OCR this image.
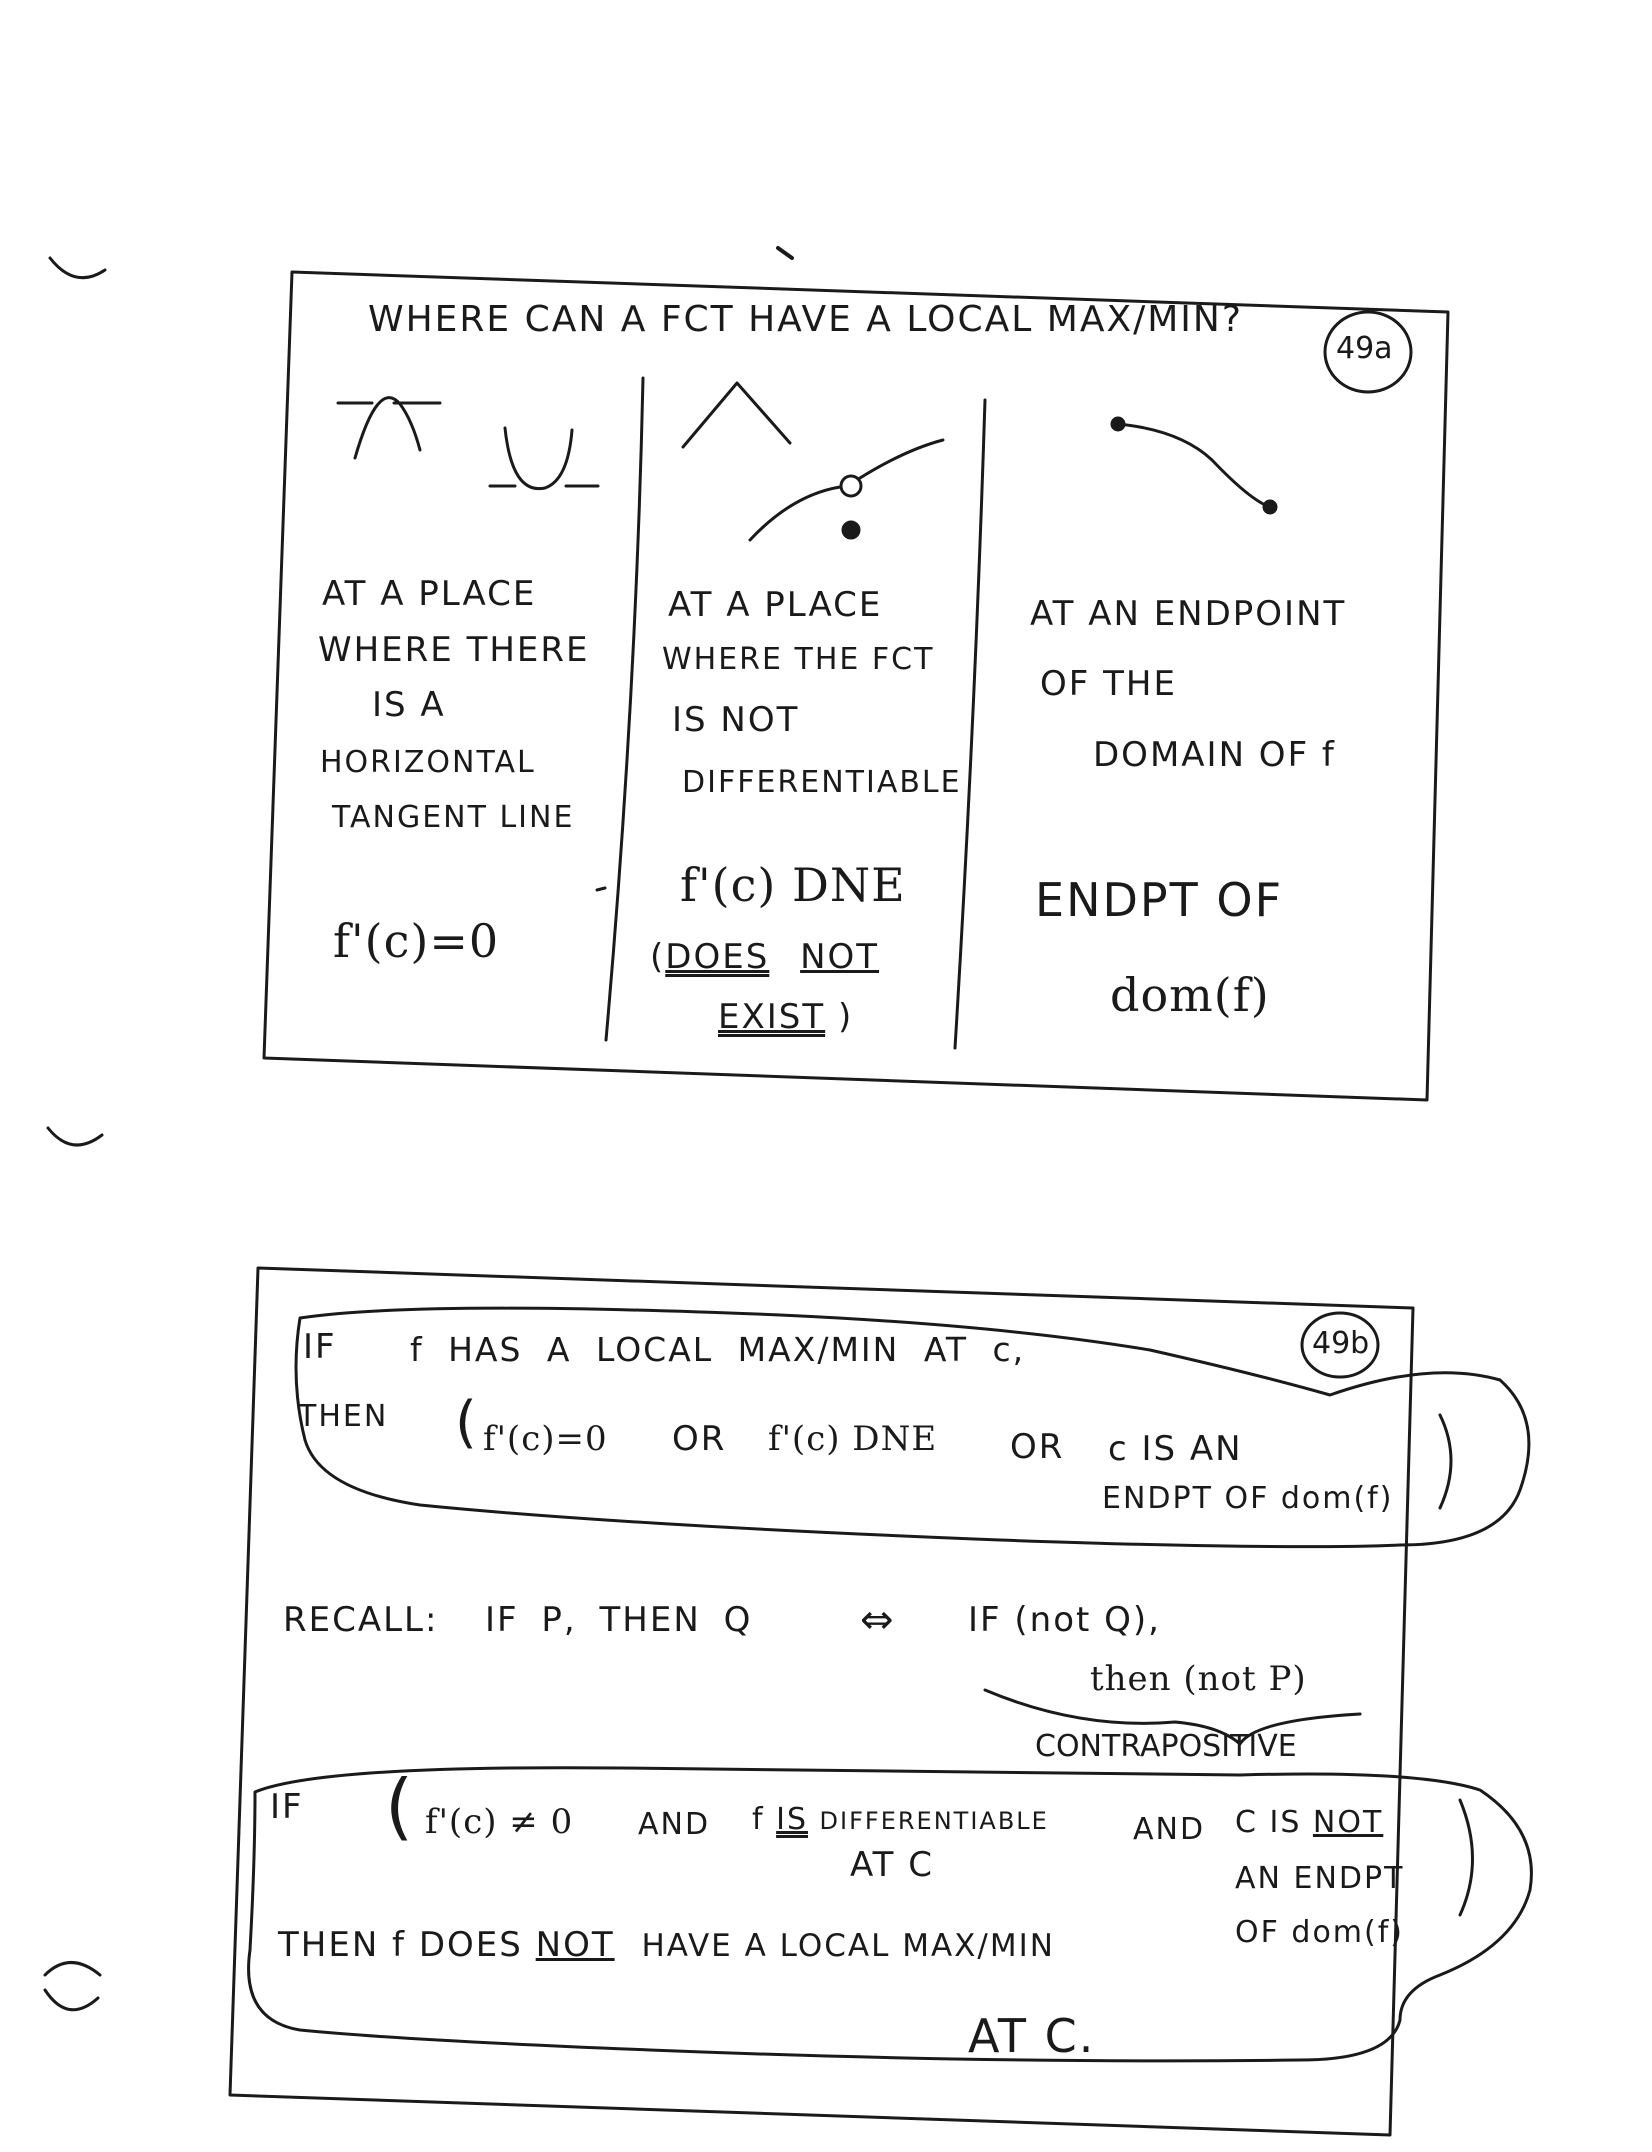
WHERE CAN A FCT HAVE A LOCAL MAX/MIN?
49a
AT A PLACE
WHERE THERE
IS A
HORIZONTAL
TANGENT LINE
f'(c)=0
AT A PLACE
WHERE THE FCT
IS NOT
DIFFERENTIABLE
f'(c) DNE
(DOES NOT
EXIST )
AT AN ENDPOINT
OF THE
DOMAIN OF f
ENDPT OF
dom(f)
49b
IF f HAS A LOCAL MAX/MIN AT c,
THEN ( f'(c)=0 OR f'(c) DNE OR c IS AN
ENDPT OF dom(f)
RECALL: IF P, THEN Q	⇔ IF (not Q),
then (not P)
CONTRAPOSITIVE
IF ( f'(c) ≠ 0 AND f IS DIFFERENTIABLE
AT C
AND C IS NOT
AN ENDPT
OF dom(f)
THEN f DOES NOT HAVE A LOCAL MAX/MIN
AT C.
